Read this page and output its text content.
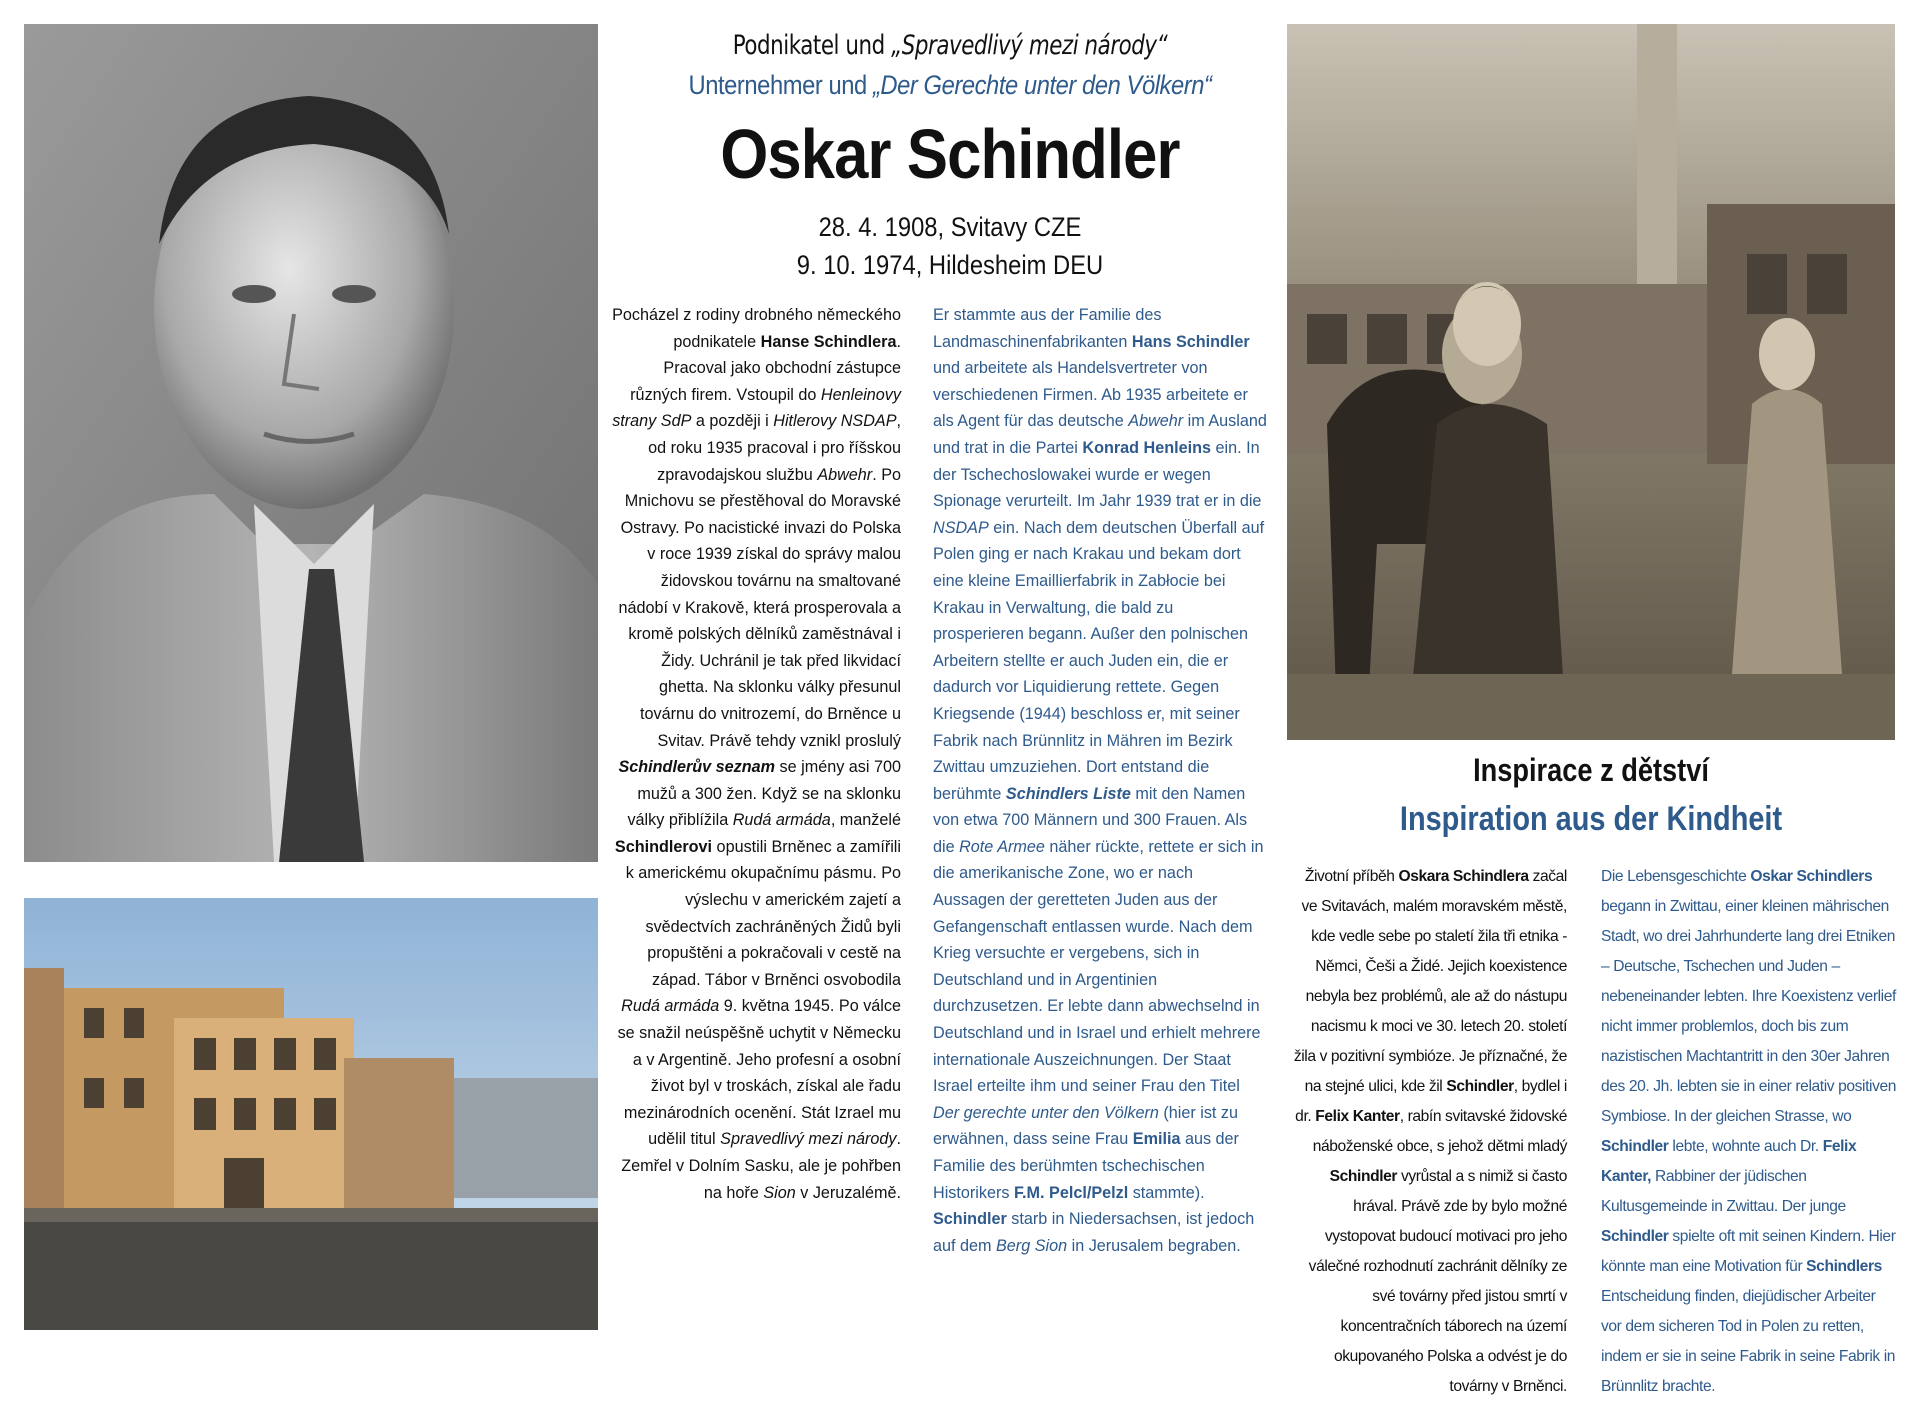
Podnikatel und „Spravedlivý mezi národy“
Unternehmer und „Der Gerechte unter den Völkern“
Oskar Schindler
28. 4. 1908, Svitavy CZE
9. 10. 1974, Hildesheim DEU
Pocházel z rodiny drobného německého podnikatele Hanse Schindlera. Pracoval jako obchodní zástupce různých firem. Vstoupil do Henleinovy strany SdP a později i Hitlerovy NSDAP, od roku 1935 pracoval i pro říšskou zpravodajskou službu Abwehr. Po Mnichovu se přestěhoval do Moravské Ostravy. Po nacistické invazi do Polska v roce 1939 získal do správy malou židovskou továrnu na smaltované nádobí v Krakově, která prosperovala a kromě polských dělníků zaměstnával i Židy. Uchránil je tak před likvidací ghetta. Na sklonku války přesunul továrnu do vnitrozemí, do Brněnce u Svitav. Právě tehdy vznikl proslulý Schindlerův seznam se jmény asi 700 mužů a 300 žen. Když se na sklonku války přiblížila Rudá armáda, manželé Schindlerovi opustili Brněnec a zamířili k americkému okupačnímu pásmu. Po výslechu v americkém zajetí a svědectvích zachráněných Židů byli propuštěni a pokračovali v cestě na západ. Tábor v Brněnci osvobodila Rudá armáda 9. května 1945. Po válce se snažil neúspěšně uchytit v Německu a v Argentině. Jeho profesní a osobní život byl v troskách, získal ale řadu mezinárodních ocenění. Stát Izrael mu udělil titul Spravedlivý mezi národy. Zemřel v Dolním Sasku, ale je pohřben na hoře Sion v Jeruzalémě.
Er stammte aus der Familie des Landmaschinenfabrikanten Hans Schindler und arbeitete als Handelsvertreter von verschiedenen Firmen. Ab 1935 arbeitete er als Agent für das deutsche Abwehr im Ausland und trat in die Partei Konrad Henleins ein. In der Tschechoslowakei wurde er wegen Spionage verurteilt. Im Jahr 1939 trat er in die NSDAP ein. Nach dem deutschen Überfall auf Polen ging er nach Krakau und bekam dort eine kleine Emaillierfabrik in Zabłocie bei Krakau in Verwaltung, die bald zu prosperieren begann. Außer den polnischen Arbeitern stellte er auch Juden ein, die er dadurch vor Liquidierung rettete. Gegen Kriegsende (1944) beschloss er, mit seiner Fabrik nach Brünnlitz in Mähren im Bezirk Zwittau umzuziehen. Dort entstand die berühmte Schindlers Liste mit den Namen von etwa 700 Männern und 300 Frauen. Als die Rote Armee näher rückte, rettete er sich in die amerikanische Zone, wo er nach Aussagen der geretteten Juden aus der Gefangenschaft entlassen wurde. Nach dem Krieg versuchte er vergebens, sich in Deutschland und in Argentinien durchzusetzen. Er lebte dann abwechselnd in Deutschland und in Israel und erhielt mehrere internationale Auszeichnungen. Der Staat Israel erteilte ihm und seiner Frau den Titel Der gerechte unter den Völkern (hier ist zu erwähnen, dass seine Frau Emilia aus der Familie des berühmten tschechischen Historikers F.M. Pelcl/Pelzl stammte). Schindler starb in Niedersachsen, ist jedoch auf dem Berg Sion in Jerusalem begraben.
Inspirace z dětství
Inspiration aus der Kindheit
Životní příběh Oskara Schindlera začal ve Svitavách, malém moravském městě, kde vedle sebe po staletí žila tři etnika - Němci, Češi a Židé. Jejich koexistence nebyla bez problémů, ale až do nástupu nacismu k moci ve 30. letech 20. století žila v pozitivní symbióze. Je příznačné, že na stejné ulici, kde žil Schindler, bydlel i dr. Felix Kanter, rabín svitavské židovské náboženské obce, s jehož dětmi mladý Schindler vyrůstal a s nimiž si často hrával. Právě zde by bylo možné vystopovat budoucí motivaci pro jeho válečné rozhodnutí zachránit dělníky ze své továrny před jistou smrtí v koncentračních táborech na území okupovaného Polska a odvést je do továrny v Brněnci.
Die Lebensgeschichte Oskar Schindlers begann in Zwittau, einer kleinen mährischen Stadt, wo drei Jahrhunderte lang drei Etniken – Deutsche, Tschechen und Juden – nebeneinander lebten. Ihre Koexistenz verlief nicht immer problemlos, doch bis zum nazistischen Machtantritt in den 30er Jahren des 20. Jh. lebten sie in einer relativ positiven Symbiose. In der gleichen Strasse, wo Schindler lebte, wohnte auch Dr. Felix Kanter, Rabbiner der jüdischen Kultusgemeinde in Zwittau. Der junge Schindler spielte oft mit seinen Kindern. Hier könnte man eine Motivation für Schindlers Entscheidung finden, diejüdischer Arbeiter vor dem sicheren Tod in Polen zu retten, indem er sie in seine Fabrik in seine Fabrik in Brünnlitz brachte.
